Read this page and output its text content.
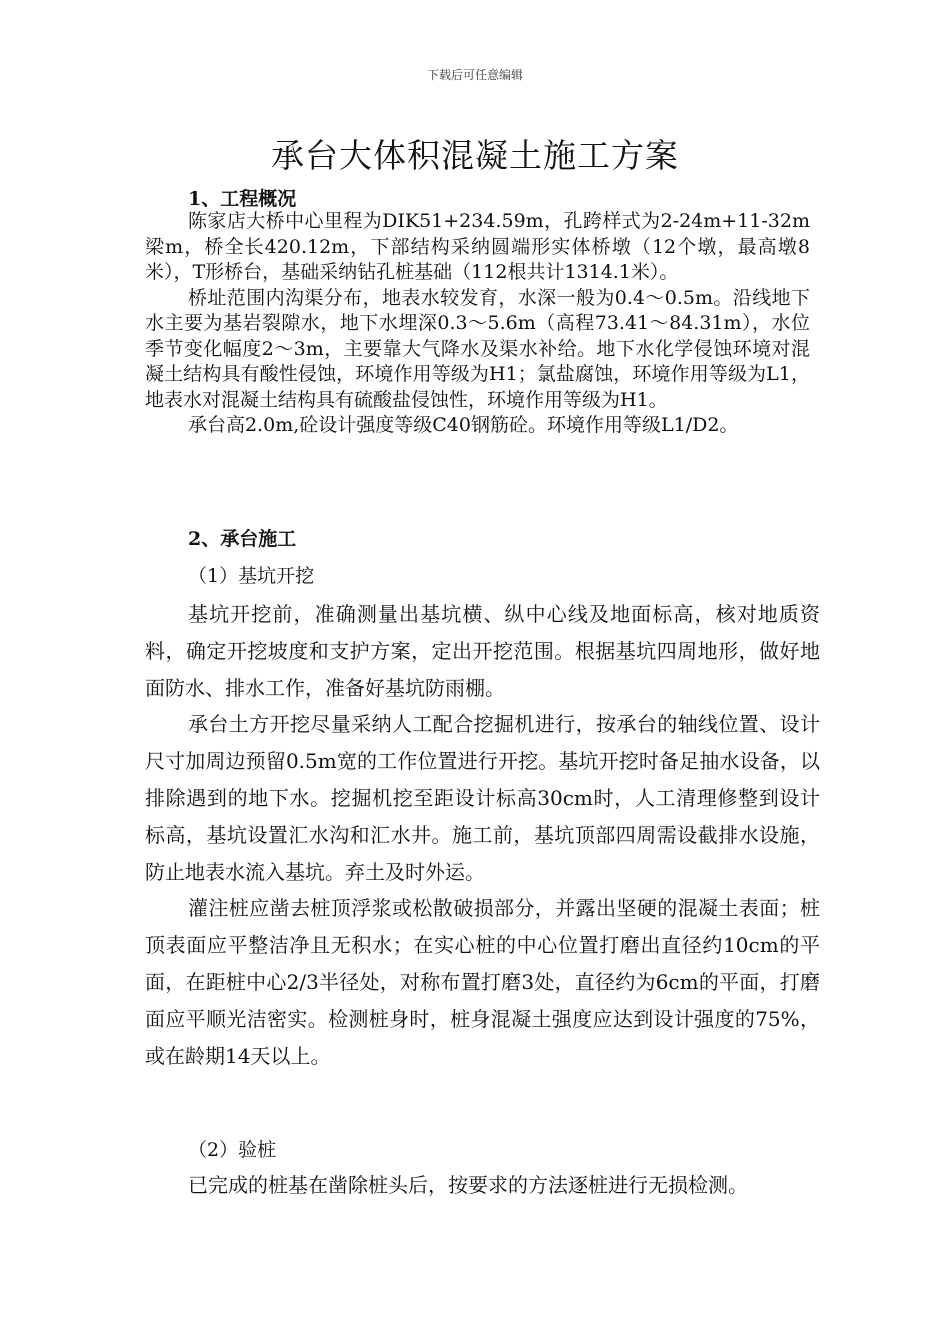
下载后可任意编辑
承台大体积混凝土施工方案
1、工程概况

陈家店大桥中心里程为DIK51+234.59m，孔跨样式为2-24m+11-32m梁m，桥全长420.12m，下部结构采纳圆端形实体桥墩（12个墩，最高墩8米），T形桥台，基础采纳钻孔桩基础（112根共计1314.1米）。

桥址范围内沟渠分布，地表水较发育，水深一般为0.4～0.5m。沿线地下水主要为基岩裂隙水，地下水埋深0.3～5.6m（高程73.41～84.31m），水位季节变化幅度2～3m，主要靠大气降水及渠水补给。地下水化学侵蚀环境对混凝土结构具有酸性侵蚀，环境作用等级为H1；氯盐腐蚀，环境作用等级为L1，地表水对混凝土结构具有硫酸盐侵蚀性，环境作用等级为H1。

承台高2.0m,砼设计强度等级C40钢筋砼。环境作用等级L1/D2。

2、承台施工
（1）基坑开挖

基坑开挖前，准确测量出基坑横、纵中心线及地面标高，核对地质资料，确定开挖坡度和支护方案，定出开挖范围。根据基坑四周地形，做好地面防水、排水工作，准备好基坑防雨棚。

承台土方开挖尽量采纳人工配合挖掘机进行，按承台的轴线位置、设计尺寸加周边预留0.5m宽的工作位置进行开挖。基坑开挖时备足抽水设备，以排除遇到的地下水。挖掘机挖至距设计标高30cm时，人工清理修整到设计标高，基坑设置汇水沟和汇水井。施工前，基坑顶部四周需设截排水设施，防止地表水流入基坑。弃土及时外运。

灌注桩应凿去桩顶浮浆或松散破损部分，并露出坚硬的混凝土表面；桩顶表面应平整洁净且无积水；在实心桩的中心位置打磨出直径约10cm的平面，在距桩中心2/3半径处，对称布置打磨3处，直径约为6cm的平面，打磨面应平顺光洁密实。检测桩身时，桩身混凝土强度应达到设计强度的75%，或在龄期14天以上。

（2）验桩

已完成的桩基在凿除桩头后，按要求的方法逐桩进行无损检测。
